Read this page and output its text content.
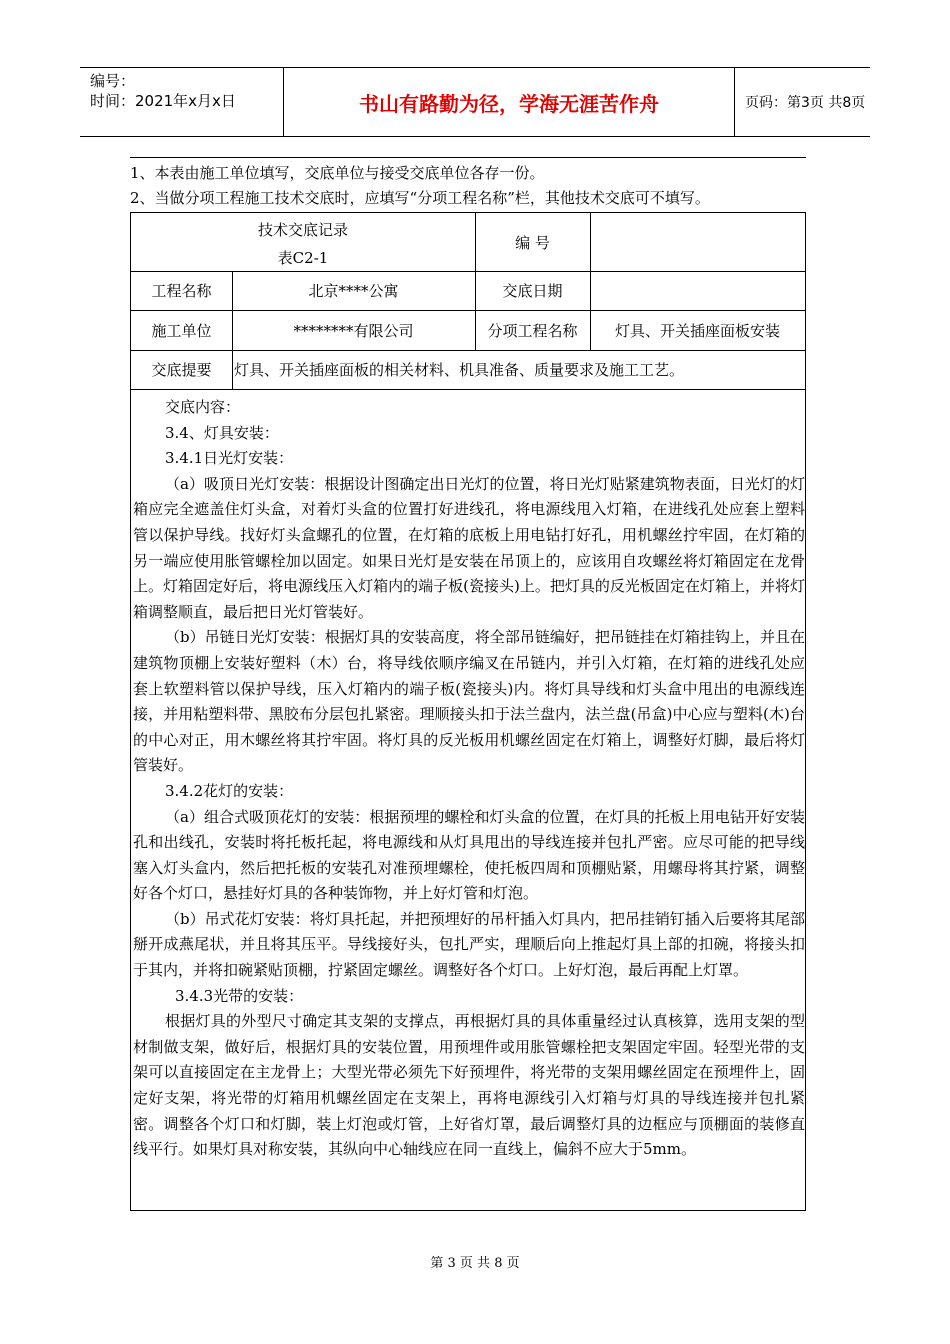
编号：
时间：2021年x月x日	书山有路勤为径，学海无涯苦作舟	页码：第3页 共8页
1、本表由施工单位填写，交底单位与接受交底单位各存一份。
2、当做分项工程施工技术交底时，应填写“分项工程名称”栏，其他技术交底可不填写。
技术交底记录
表C2-1
编 号
工程名称	北京****公寓	交底日期
施工单位	********有限公司	分项工程名称	灯具、开关插座面板安装
交底提要	灯具、开关插座面板的相关材料、机具准备、质量要求及施工工艺。

交底内容：

3.4、灯具安装：

3.4.1日光灯安装：

（a）吸顶日光灯安装：根据设计图确定出日光灯的位置，将日光灯贴紧建筑物表面，日光灯的灯箱应完全遮盖住灯头盒，对着灯头盒的位置打好进线孔，将电源线甩入灯箱，在进线孔处应套上塑料管以保护导线。找好灯头盒螺孔的位置，在灯箱的底板上用电钻打好孔，用机螺丝拧牢固，在灯箱的另一端应使用胀管螺栓加以固定。如果日光灯是安装在吊顶上的，应该用自攻螺丝将灯箱固定在龙骨上。灯箱固定好后，将电源线压入灯箱内的端子板(瓷接头)上。把灯具的反光板固定在灯箱上，并将灯箱调整顺直，最后把日光灯管装好。

（b）吊链日光灯安装：根据灯具的安装高度，将全部吊链编好，把吊链挂在灯箱挂钩上，并且在建筑物顶棚上安装好塑料（木）台，将导线依顺序编叉在吊链内，并引入灯箱，在灯箱的进线孔处应套上软塑料管以保护导线，压入灯箱内的端子板(瓷接头)内。将灯具导线和灯头盒中甩出的电源线连接，并用粘塑料带、黑胶布分层包扎紧密。理顺接头扣于法兰盘内，法兰盘(吊盒)中心应与塑料(木)台的中心对正，用木螺丝将其拧牢固。将灯具的反光板用机螺丝固定在灯箱上，调整好灯脚，最后将灯管装好。

3.4.2花灯的安装：

（a）组合式吸顶花灯的安装：根据预埋的螺栓和灯头盒的位置，在灯具的托板上用电钻开好安装孔和出线孔，安装时将托板托起，将电源线和从灯具甩出的导线连接并包扎严密。应尽可能的把导线塞入灯头盒内，然后把托板的安装孔对准预埋螺栓，使托板四周和顶棚贴紧，用螺母将其拧紧，调整好各个灯口，悬挂好灯具的各种装饰物，并上好灯管和灯泡。

（b）吊式花灯安装：将灯具托起，并把预埋好的吊杆插入灯具内，把吊挂销钉插入后要将其尾部掰开成燕尾状，并且将其压平。导线接好头，包扎严实，理顺后向上推起灯具上部的扣碗，将接头扣于其内，并将扣碗紧贴顶棚，拧紧固定螺丝。调整好各个灯口。上好灯泡，最后再配上灯罩。

3.4.3光带的安装：

根据灯具的外型尺寸确定其支架的支撑点，再根据灯具的具体重量经过认真核算，选用支架的型材制做支架，做好后，根据灯具的安装位置，用预埋件或用胀管螺栓把支架固定牢固。轻型光带的支架可以直接固定在主龙骨上；大型光带必须先下好预埋件，将光带的支架用螺丝固定在预埋件上，固定好支架，将光带的灯箱用机螺丝固定在支架上，再将电源线引入灯箱与灯具的导线连接并包扎紧密。调整各个灯口和灯脚，装上灯泡或灯管，上好省灯罩，最后调整灯具的边框应与顶棚面的装修直线平行。如果灯具对称安装，其纵向中心轴线应在同一直线上，偏斜不应大于5mm。

第 3 页 共 8 页
